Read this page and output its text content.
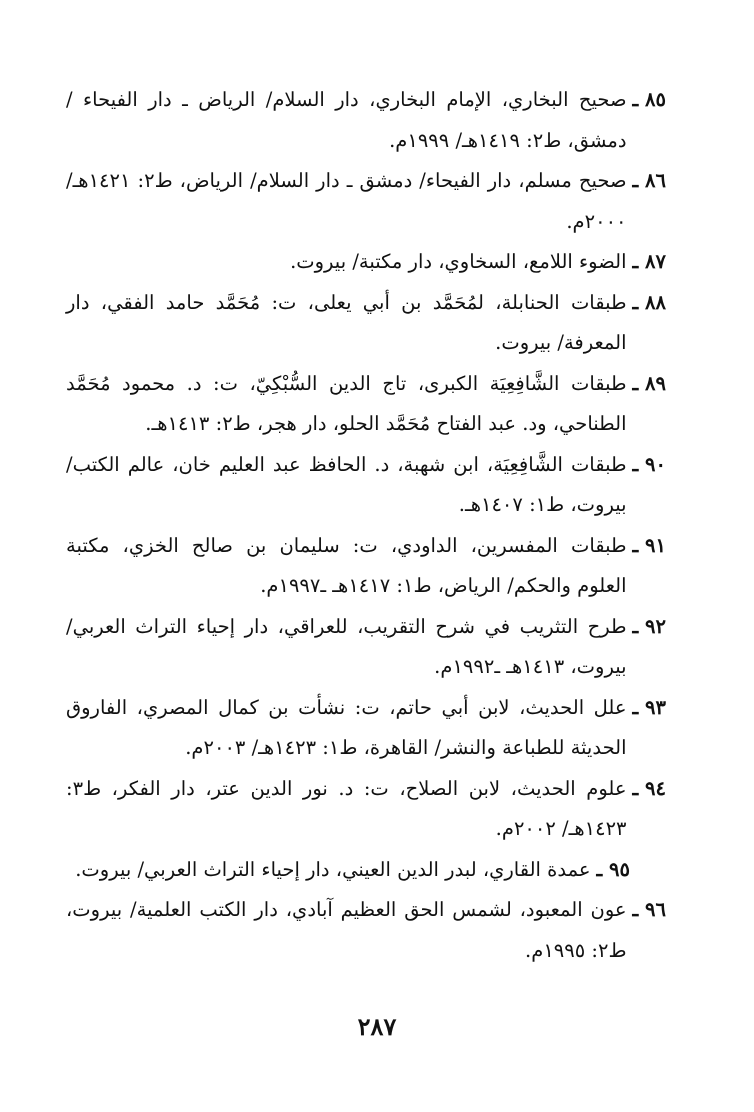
٨٥ ـ
صحيح البخاري، الإمام البخاري، دار السلام/ الرياض ـ دار الفيحاء / دمشق، ط٢: ١٤١٩هـ/ ١٩٩٩م.
٨٦ ـ
صحيح مسلم، دار الفيحاء/ دمشق ـ دار السلام/ الرياض، ط٢: ١٤٢١هـ/ ٢٠٠٠م.
٨٧ ـ
الضوء اللامع، السخاوي، دار مكتبة/ بيروت.
٨٨ ـ
طبقات الحنابلة، لمُحَمَّد بن أبي يعلى، ت: مُحَمَّد حامد الفقي، دار المعرفة/ بيروت.
٨٩ ـ
طبقات الشَّافِعِيَة الكبرى، تاج الدين السُّبْكِيّ، ت: د. محمود مُحَمَّد الطناحي، ود. عبد الفتاح مُحَمَّد الحلو، دار هجر، ط٢: ١٤١٣هـ.
٩٠ ـ
طبقات الشَّافِعِيَة، ابن شهبة، د. الحافظ عبد العليم خان، عالم الكتب/ بيروت، ط١: ١٤٠٧هـ.
٩١ ـ
طبقات المفسرين، الداودي، ت: سليمان بن صالح الخزي، مكتبة العلوم والحكم/ الرياض، ط١: ١٤١٧هـ ـ١٩٩٧م.
٩٢ ـ
طرح التثريب في شرح التقريب، للعراقي، دار إحياء التراث العربي/ بيروت، ١٤١٣هـ ـ١٩٩٢م.
٩٣ ـ
علل الحديث، لابن أبي حاتم، ت: نشأت بن كمال المصري، الفاروق الحديثة للطباعة والنشر/ القاهرة، ط١: ١٤٢٣هـ/ ٢٠٠٣م.
٩٤ ـ
علوم الحديث، لابن الصلاح، ت: د. نور الدين عتر، دار الفكر، ط٣: ١٤٢٣هـ/ ٢٠٠٢م.
٩٥ ـ
عمدة القاري، لبدر الدين العيني، دار إحياء التراث العربي/ بيروت.
٩٦ ـ
عون المعبود، لشمس الحق العظيم آبادي، دار الكتب العلمية/ بيروت، ط٢: ١٩٩٥م.
٢٨٧
